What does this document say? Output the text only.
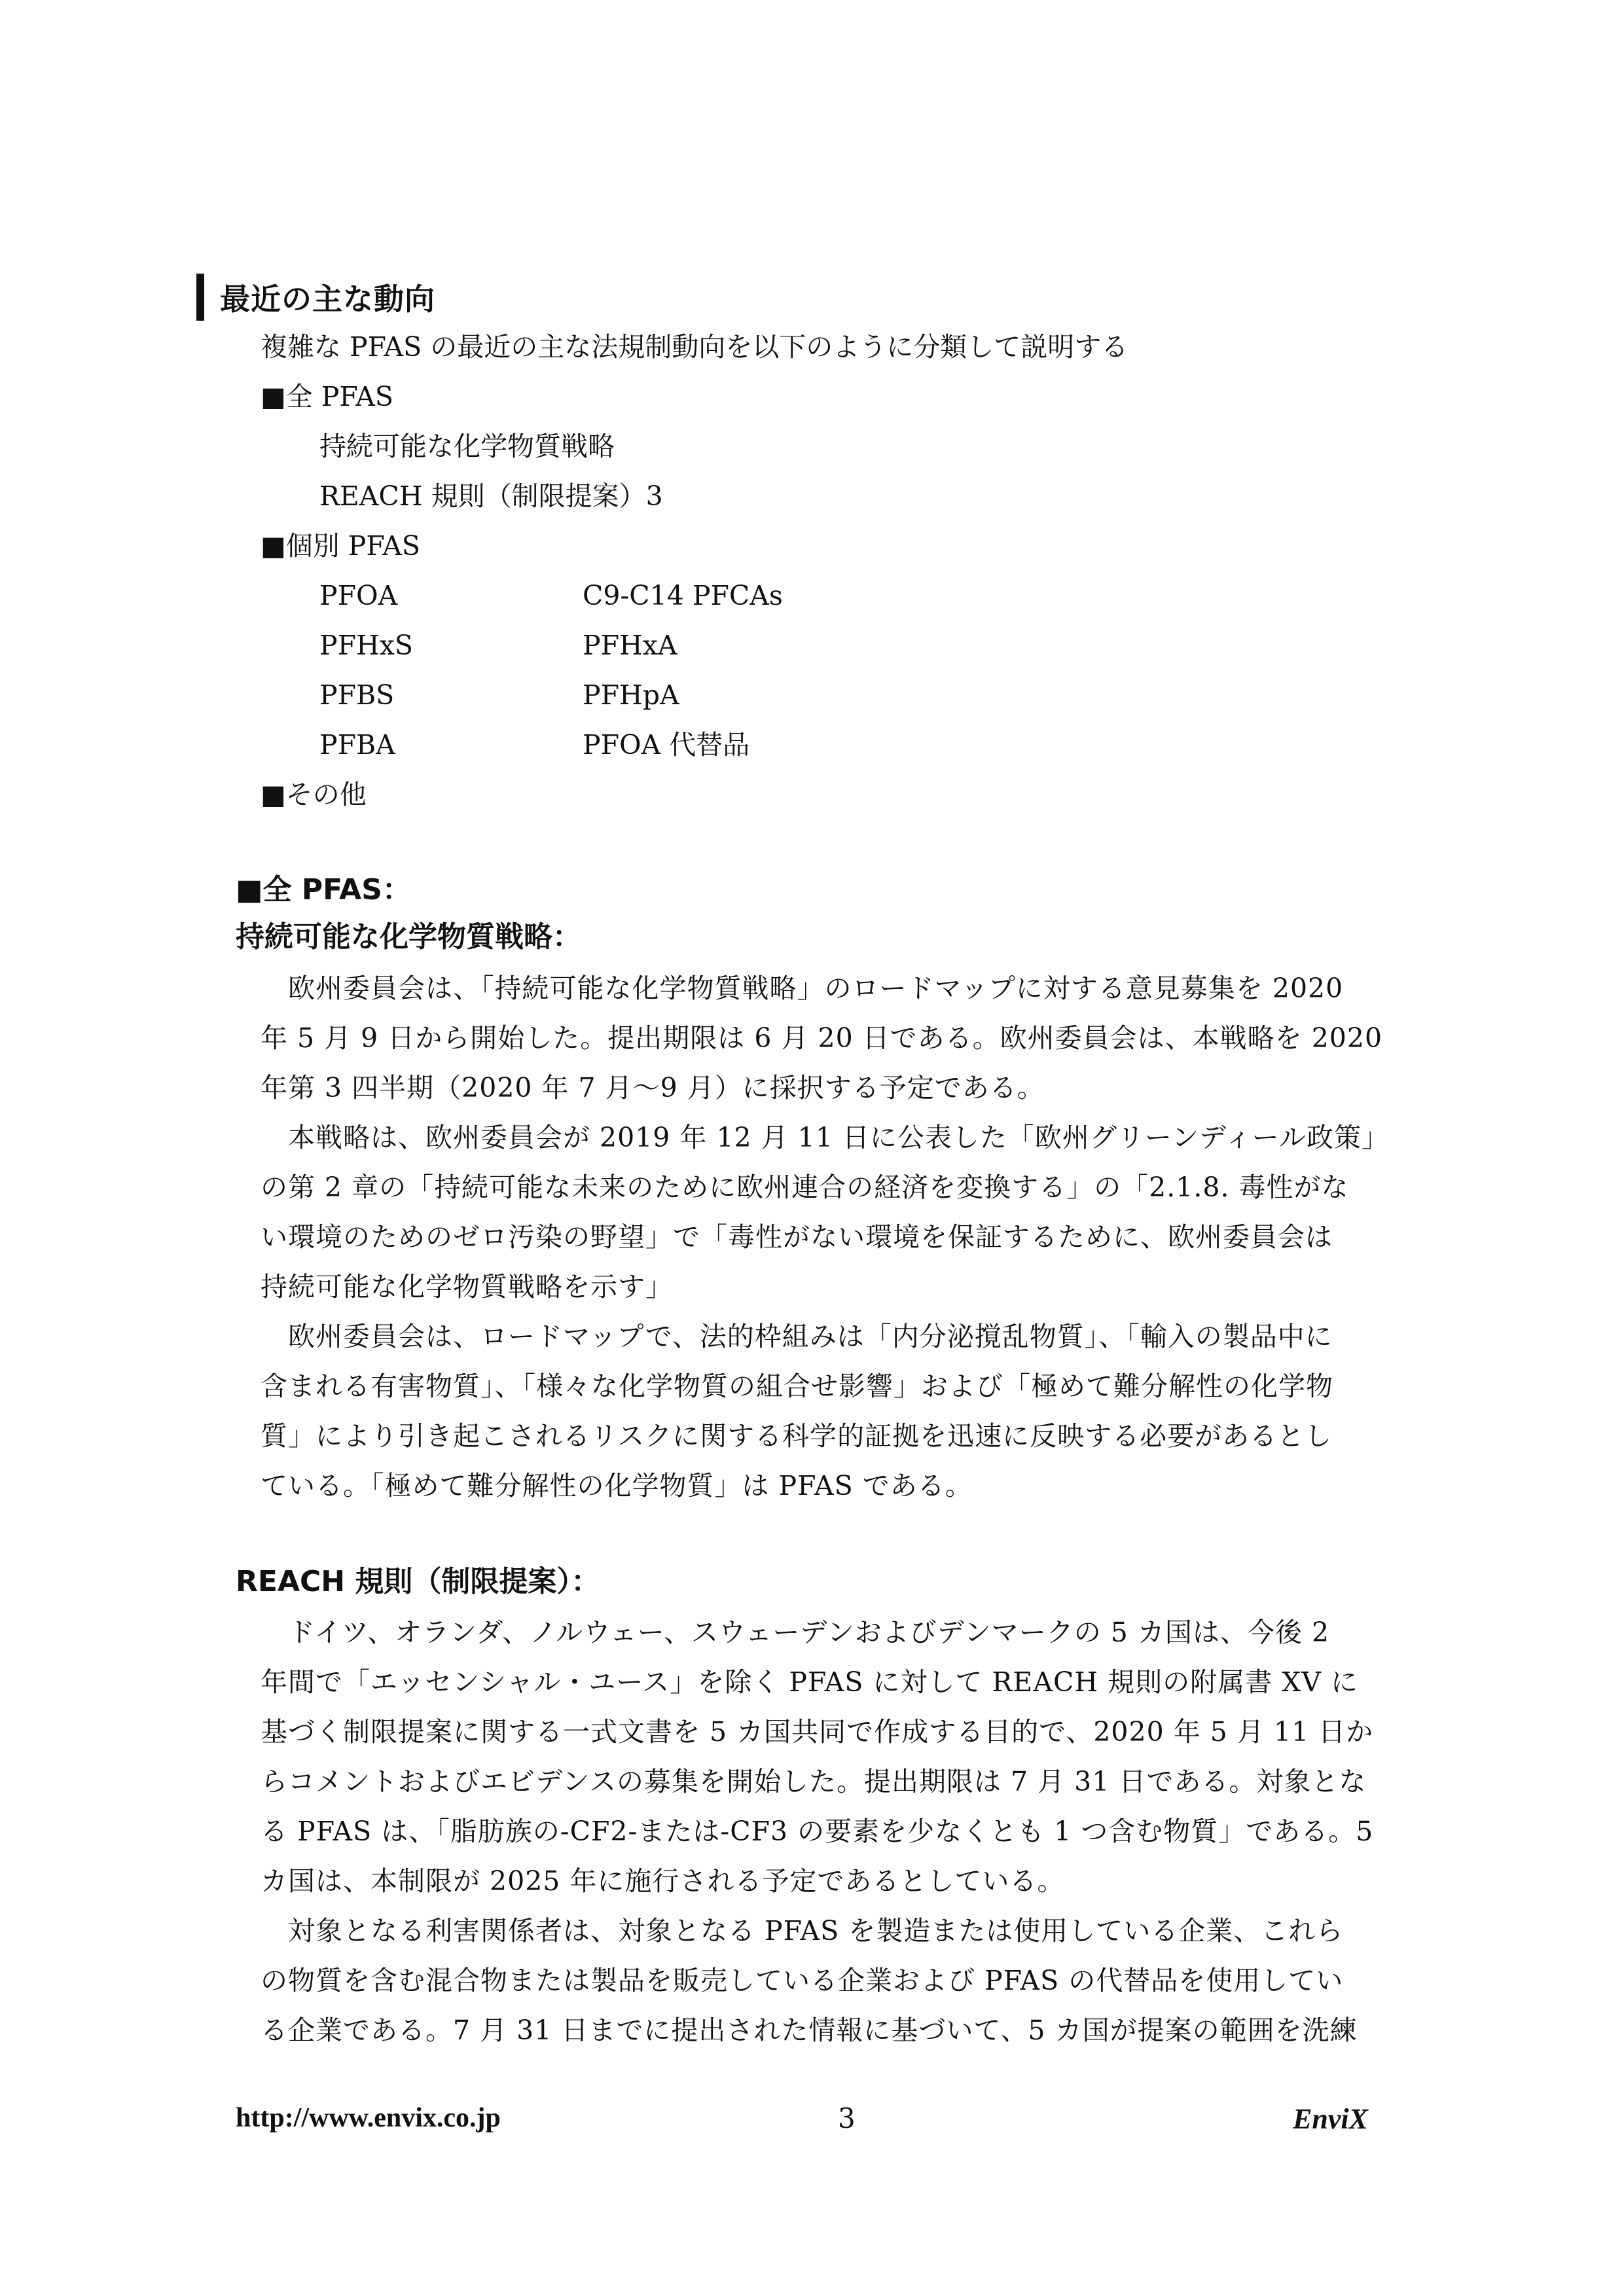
最近の主な動向
複雑な PFAS の最近の主な法規制動向を以下のように分類して説明する
■全 PFAS
持続可能な化学物質戦略
REACH 規則（制限提案）3
■個別 PFAS
PFOA	C9-C14 PFCAs
PFHxS	PFHxA
PFBS	PFHpA
PFBA	PFOA 代替品
■その他
■全 PFAS：
持続可能な化学物質戦略：
　欧州委員会は、「持続可能な化学物質戦略」のロードマップに対する意見募集を 2020
年 5 月 9 日から開始した。提出期限は 6 月 20 日である。欧州委員会は、本戦略を 2020
年第 3 四半期（2020 年 7 月～9 月）に採択する予定である。
　本戦略は、欧州委員会が 2019 年 12 月 11 日に公表した「欧州グリーンディール政策」
の第 2 章の「持続可能な未来のために欧州連合の経済を変換する」の「2.1.8. 毒性がな
い環境のためのゼロ汚染の野望」で「毒性がない環境を保証するために、欧州委員会は
持続可能な化学物質戦略を示す」
　欧州委員会は、ロードマップで、法的枠組みは「内分泌撹乱物質」、「輸入の製品中に
含まれる有害物質」、「様々な化学物質の組合せ影響」および「極めて難分解性の化学物
質」により引き起こされるリスクに関する科学的証拠を迅速に反映する必要があるとし
ている。「極めて難分解性の化学物質」は PFAS である。
REACH 規則（制限提案）：
　ドイツ、オランダ、ノルウェー、スウェーデンおよびデンマークの 5 カ国は、今後 2
年間で「エッセンシャル・ユース」を除く PFAS に対して REACH 規則の附属書 XV に
基づく制限提案に関する一式文書を 5 カ国共同で作成する目的で、2020 年 5 月 11 日か
らコメントおよびエビデンスの募集を開始した。提出期限は 7 月 31 日である。対象とな
る PFAS は、「脂肪族の-CF2-または-CF3 の要素を少なくとも 1 つ含む物質」である。5
カ国は、本制限が 2025 年に施行される予定であるとしている。
　対象となる利害関係者は、対象となる PFAS を製造または使用している企業、これら
の物質を含む混合物または製品を販売している企業および PFAS の代替品を使用してい
る企業である。7 月 31 日までに提出された情報に基づいて、5 カ国が提案の範囲を洗練
http://www.envix.co.jp	3	EnviX
